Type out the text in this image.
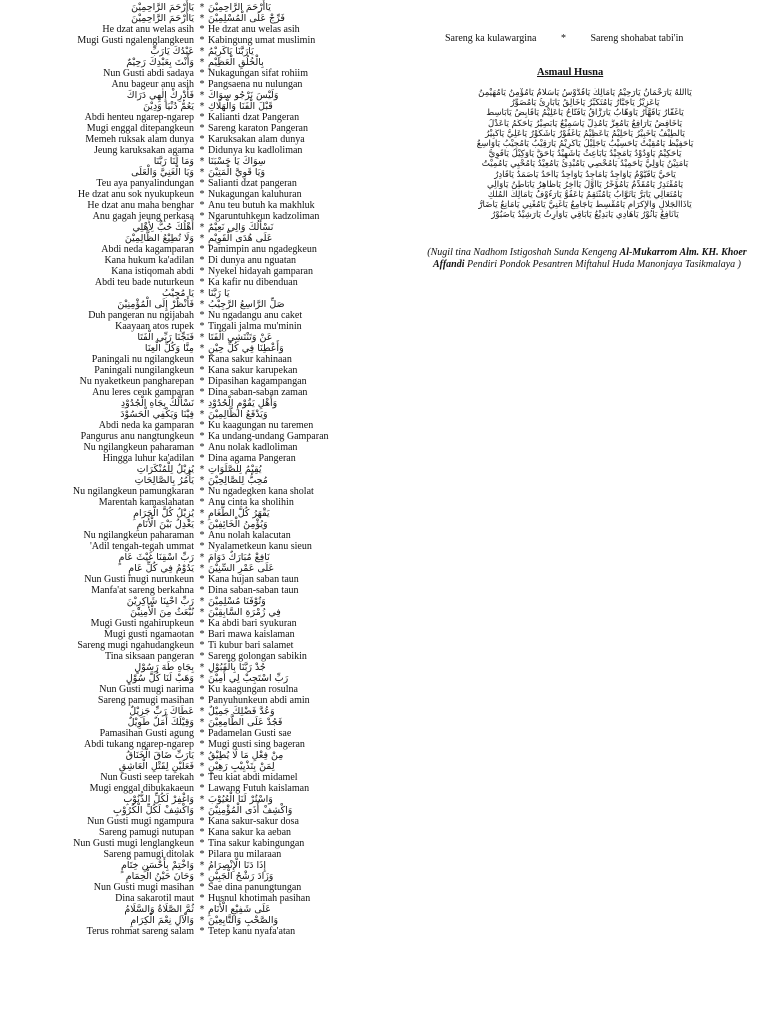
يَاأَرْحَمَ الرَّاحِمِيْنَ
*
يَاأَرْحَمَ الرَّاحِمِيْنَ
فَرِّجْ عَلَى الْمُسْلِمِيْنَ
*
يَاأَرْحَمَ الرَّاحِمِيْنَ
He dzat anu welas asih * He dzat anu welas asih
Mugi Gusti ngalenglangkeun * Kabingung umat muslimin
يَارَبَّنَا يَاكَرِيْمُ
*
عَبْدُكَ يَارَبِّ
بِالْخُلُقِ الْعَظِيْمِ
*
وَأَنْتَ بِعَبْدِكَ رَحِيْمٌ
Nun Gusti abdi sadaya * Nukagungan sifat rohiim
Anu bageur anu asih * Pangsaena nu nulungan
وَلَيْسَ نَرْجُو سِوَاكَ
*
فَأَدْرِكْ إِلٰهِي دَرَاكَ
قَبْلَ الْفَنَا وَالْهَلَاكِ
*
يَعُمُّ دُنْيَا وَدِيْنَ
Abdi henteu ngarep-ngarep * Kalianti dzat Pangeran
Mugi enggal ditepangkeun * Sareng karaton Pangeran
Memeh ruksak alam dunya * Karuksakan alam dunya
Jeung karuksakan agama * Didunya ku kadloliman
سِوَاكَ يَا حَسْبَنَا
*
وَمَا لَنَا رَبَّنَا
وَيَا قَوِيَّ الْمَتِيْنَ
*
وَيَا الْغَنِيَّ وَالْعَلَى
Teu aya panyalindungan * Salianti dzat pangeran
He dzat anu sok nyukupkeun * Nukagungan kaluhuran
He dzat anu maha benghar * Anu teu butuh ka makhluk
Anu gagah jeung perkasa * Ngaruntuhkeun kadzoliman
نَسْأَلُكَ وَالِي نَعِيْمٌ
*
أَهْلُكَ حُبٌّ لِأَهْلِي
عَلَى هُدَى الْقَوِيْمِ
*
وَلَا تُطِيْعُ الظَّالِمِيْنَ
Abdi neda kagamparan * Pamimpin anu ngadegkeun
Kana hukum ka'adilan * Di dunya anu nguatan
Kana istiqomah abdi * Nyekel hidayah gamparan
Abdi teu bade nuturkeun * Ka kafir nu dibenduan
يَا رَبَّنَا
*
يَا مُجِيْبُ
صَلِّ الرَّاسِعُ الرَّجِيْبُ
*
فَأَنْظُرْ إِلَى الْمُؤْمِنِيْنَ
Duh pangeran nu ngijabah * Nu ngadangu anu caket
Kaayaan atos rupek * Tingali jalma mu'minin
عَنْ وَتَنْتَشِي الْفَتَا
*
فَنَجِّنَا رَبِّي الْفَتَا
وَأَعْطِنَا فِي كُلِّ حِيْنٍ
*
مِنَّا وَكُلِّ الْعِنَا
Paningali nu ngilangkeun * Kana sakur kahinaan
Paningali nungilangkeun * Kana sakur karupekan
Nu nyaketkeun pangharepan * Dipasihan kagampangan
Anu leres ceuk gamparan * Dina saban-saban zaman
وَأَهْلِ يَقُوْمِ الْحُدُوْدِ
*
نَسْأَلُكَ بِجَاهِ الْجُدُوْدِ
وَيَدْفَعُ الظَّالِمِيْنَ
*
فِيْنَا وَيَكْفِي الْحَسُوْدَ
Abdi neda ka gamparan * Ku kaagungan nu taremen
Pangurus anu nangtungkeun * Ka undang-undang Gamparan
Nu ngilangkeun paharaman * Anu nolak kadloliman
Hingga luhur ka'adilan * Dina agama Pangeran
يُقِيْمُ لِلصَّلَوَاتِ
*
يُزِيْلُ لِلْمُنْكَرَاتِ
مُحِبُّ لِلصَّالِحِيْنَ
*
يَأْمُرُ بِالصَّالِحَاتِ
Nu ngilangkeun pamungkaran * Nu ngadegken kana sholat
Marentah kamaslahatan * Anu cinta ka sholihin
يَقْهَرُ كُلَّ الطُّغَامِ
*
يُزِيْلُ كُلَّ الْحَرَامِ
وَيُؤْمِنُ الْخَائِفِيْنَ
*
يَعْدِلُ بَيْنَ الْأَنَامِ
Nu ngilangkeun paharaman * Anu nolah kalacutan
'Adil tengah-tegah ummat * Nyalametkeun kanu sieun
نَافِعْ مُبَارَكٌ دَوَامَ
*
رَبِّ اسْقِنَا غَيْثَ عَامٍ
عَلَى عَمْرِ السِّنِيْنَ
*
يَدُوْمُ فِي كُلِّ عَامٍ
Nun Gusti mugi nurunkeun * Kana hujan saban taun
Manfa'at sareng berkahna * Dina saban-saban taun
وَتُوْفَنَا مُسْلِمِيْنَ
*
رَبِّ احْيِنَا شَاكِرِيْنَ
فِي زُمْرَةِ السَّابِقِيْنَ
*
نُبْعَثُ مِنَ الْأَمِنِيْنَ
Mugi Gusti ngahirupkeun * Ka abdi bari syukuran
Mugi gusti ngamaotan * Bari mawa kaislaman
Sareng mugi ngahudangkeun * Ti kubur bari salamet
Tina siksaan pangeran * Sareng golongan sabikin
جُدْ رَبَّنَا بِالْقَبُوْلِ
*
بِجَاهِ طَهَ رَسُوْلٍ
رَبِّ اسْتَجِبْ لِي أَمِيْنَ
*
وَهَبْ لَنَا كُلَّ سُوْلٍ
Nun Gusti mugi narima * Ku kaagungan rosulna
Sareng pamugi masihan * Panyuhunkeun abdi amin
وَعُدَّ فَضْلِكَ جَمِيْلٌ
*
عَطَاكَ رَبِّ جَزِيْلٌ
فَجُدْ عَلَى الطَّامِعِيْنَ
*
وَقِيْلَكَ أَمَلٌ طَوِيْلٌ
Pamasihan Gusti agung * Padamelan Gusti sae
Abdi tukang ngarep-ngarep * Mugi gusti sing bageran
مِنْ فِعْلِ مَا لَا يُطِيْقُ
*
يَارَبِّ ضَاقَ الْخَنَاقُ
لِمَنْ بِتَذْيِيْبِ رَهِيْنٍ
*
فَعَلَيْنِ لِقَتْلِ الْعَاشِقِ
Nun Gusti seep tarekah * Teu kiat abdi midamel
Mugi enggal dibukakaeun * Lawang Futuh kaislaman
وَاسْتُرْ لَنَا الْعُيُوْبَ
*
وَاغْفِرْ لَكُلِّ الذُّنُوْبِ
وَاكْشِفْ أَذَى الْمُؤْمِنِيْنَ
*
وَاكْشِفْ لَكُلِّ الْكُرُوْبِ
Nun Gusti mugi ngampura * Kana sakur-sakur dosa
Sareng pamugi nutupan * Kana sakur ka aeban
Nun Gusti mugi lenglangkeun * Tina sakur kabingungan
Sareng pamugi ditolak * Pilara nu milaraan
إِذَا دَنَا الْإِنْصِرَامُ
*
وَاخْتِمْ بِأَحْسَنِ خِتَامٍ
وَزَادَ رَشْحُ الْجَبِيْنِ
*
وَحَانَ حَيْنُ الْحِمَامِ
Nun Gusti mugi masihan * Sae dina panungtungan
Dina sakarotil maut * Husnul khotimah pasihan
عَلَى شَفِيْعِ الْأَنَامِ
*
ثُمَّ الصَّلَاةُ وَالسَّلَامُ
وَالصَّحْبِ وَالتَّابِعِيْنَ
*
وَالْآلِ نِعْمَ الْكِرَامِ
Terus rohmat sareng salam * Tetep kanu nyafa'atan
Sareng ka kulawargina * Sareng shohabat tabi'in
Asmaul Husna
يَاأَللهُ يَارَحْمَانُ يَارَحِيْمُ يَامَالِكُ يَاقُدُّوْسُ يَاسَلَامُ يَامُؤْمِنُ يَامُهَيْمِنُ
يَاعَزِيْزُ يَاجَبَّارُ يَامُتَكَبِّرُ يَاخَالِقُ يَابَارِئُ يَامُصَوِّرُ
يَاغَفَّارُ يَاقَهَّارُ يَاوَهَّابُ يَارَزَّاقُ يَافَتَّاحُ يَاعَلِيْمُ يَاقَابِضُ يَابَاسِطُ
يَاخَافِضُ يَارَافِعُ يَامُعِزُّ يَامُذِلُّ يَاسَمِيْعُ يَابَصِيْرُ يَاحَكَمُ يَاعَدْلُ
يَالَطِيْفُ يَاخَبِيْرُ يَاحَلِيْمُ يَاعَظِيْمُ يَاغَفُوْرُ يَاشَكُوْرُ يَاعَلِيُّ يَاكَبِيْرُ
يَاحَفِيْظُ يَامُقِيْتُ يَاحَسِيْبُ يَاجَلِيْلُ يَاكَرِيْمُ يَارَقِيْبُ يَامُجِيْبُ يَاوَاسِعُ
يَاحَكِيْمُ يَاوَدُوْدُ يَامَجِيْدُ يَابَاعِثُ يَاشَهِيْدُ يَاحَقُّ يَاوَكِيْلُ يَاقَوِيُّ
يَامَتِيْنُ يَاوَلِيُّ يَاحَمِيْدُ يَامُحْصِي يَامُبْدِئُ يَامُعِيْدُ يَامُحْيِي يَامُمِيْتُ
يَاحَيُّ يَاقَيُّوْمُ يَاوَاجِدُ يَامَاجِدُ يَاوَاحِدُ يَاأَحَدُ يَاصَمَدُ يَاقَادِرُ
يَامُقْتَدِرُ يَامُقَدِّمُ يَامُؤَخِّرُ يَاأَوَّلُ يَاآخِرُ يَاظَاهِرُ يَابَاطِنُ يَاوَالِي
يَامُتَعَالِي يَابَرُّ يَاتَوَّابُ يَامُنْتَقِمُ يَاعَفُوُّ يَارَءُوْفُ يَامَالِكَ الْمُلْكِ
يَاذَاالْجَلَالِ وَالْإِكْرَامِ يَامُقْسِطُ يَاجَامِعُ يَاغَنِيُّ يَامُغْنِي يَامَانِعُ يَاضَارُّ
يَانَافِعُ يَانُوْرُ يَاهَادِي يَابَدِيْعُ يَابَاقِي يَاوَارِثُ يَارَشِيْدُ يَاصَبُوْرُ
(Nugil tina Nadhom Istigoshah Sunda Kengeng Al-Mukarrom Alm. KH. Khoer Affandi Pendiri Pondok Pesantren Miftahul Huda Manonjaya Tasikmalaya )
